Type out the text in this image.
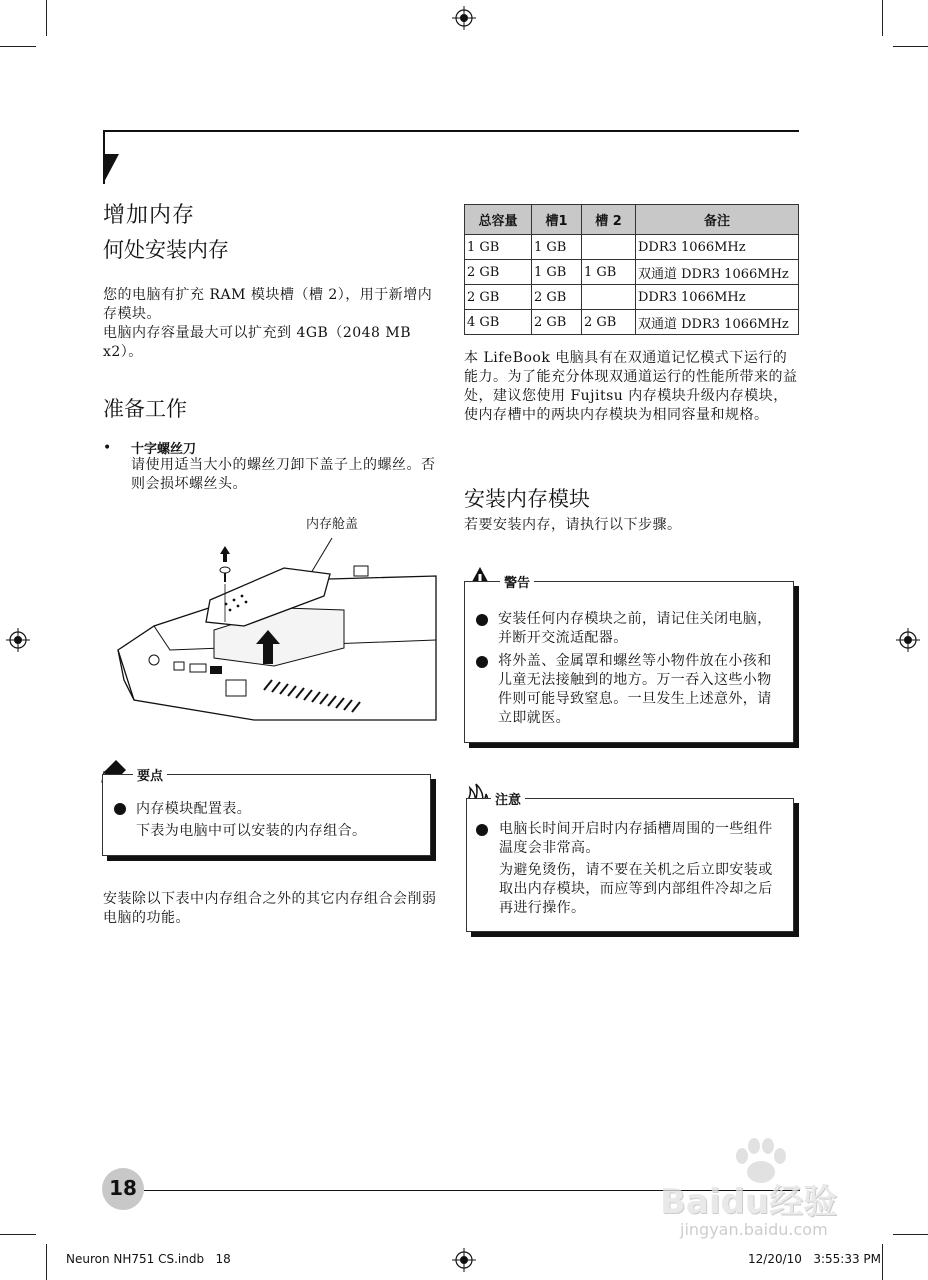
增加内存
何处安装内存
您的电脑有扩充 RAM 模块槽（槽 2），用于新增内存模块。
电脑内存容量最大可以扩充到 4GB（2048 MB x2）。
准备工作
• 十字螺丝刀
请使用适当大小的螺丝刀卸下盖子上的螺丝。否则会损坏螺丝头。
内存舱盖
要点
内存模块配置表。
下表为电脑中可以安装的内存组合。
安装除以下表中内存组合之外的其它内存组合会削弱电脑的功能。
总容量	槽1	槽 2	备注
1 GB	1 GB		DDR3 1066MHz
2 GB	1 GB	1 GB	双通道 DDR3 1066MHz
2 GB	2 GB		DDR3 1066MHz
4 GB	2 GB	2 GB	双通道 DDR3 1066MHz
本 LifeBook 电脑具有在双通道记忆模式下运行的能力。为了能充分体现双通道运行的性能所带来的益处，建议您使用 Fujitsu 内存模块升级内存模块，使内存槽中的两块内存模块为相同容量和规格。
安装内存模块
若要安装内存，请执行以下步骤。
警告
安装任何内存模块之前，请记住关闭电脑，并断开交流适配器。
将外盖、金属罩和螺丝等小物件放在小孩和儿童无法接触到的地方。万一吞入这些小物件则可能导致窒息。一旦发生上述意外，请立即就医。
注意
电脑长时间开启时内存插槽周围的一些组件温度会非常高。
为避免烫伤，请不要在关机之后立即安装或取出内存模块，而应等到内部组件冷却之后再进行操作。
18	Baidu经验
jingyan.baidu.com
Neuron NH751 CS.indb   18	12/20/10   3:55:33 PM
